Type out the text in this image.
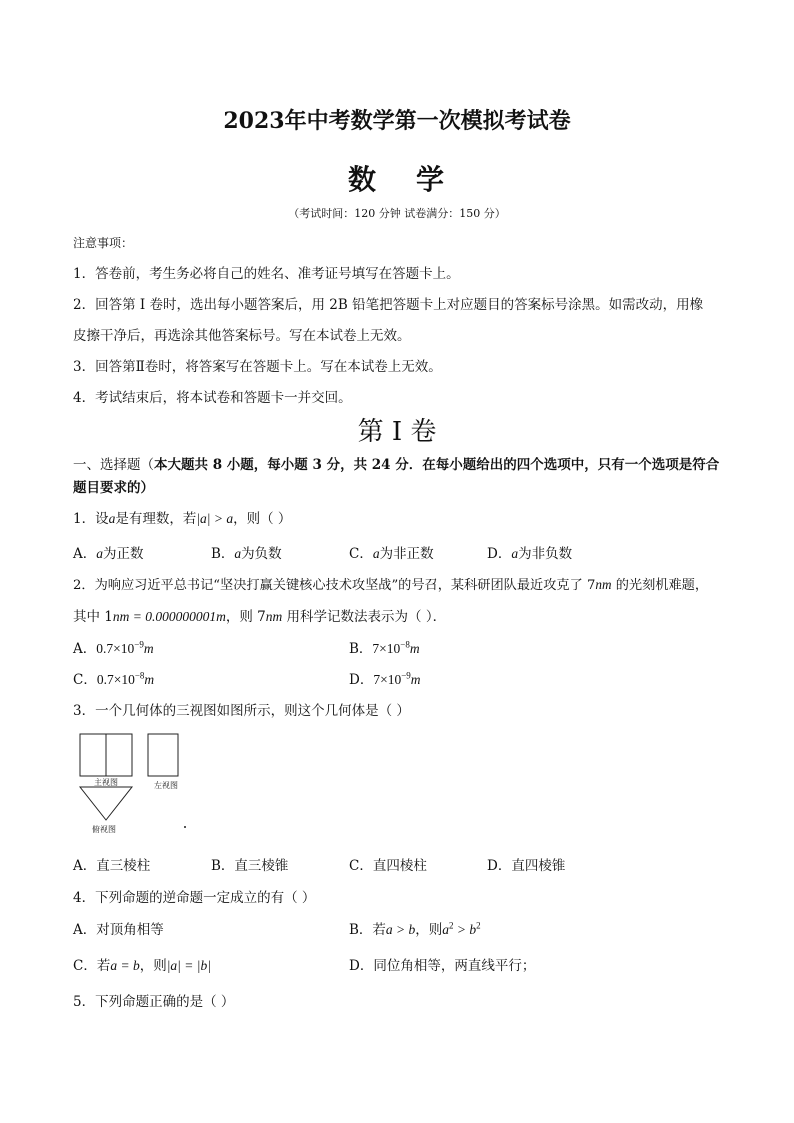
2023年中考数学第一次模拟考试卷
数 学
（考试时间：120 分钟 试卷满分：150 分）
注意事项：
1．答卷前，考生务必将自己的姓名、准考证号填写在答题卡上。
2．回答第 I 卷时，选出每小题答案后，用 2B 铅笔把答题卡上对应题目的答案标号涂黑。如需改动，用橡
皮擦干净后，再选涂其他答案标号。写在本试卷上无效。
3．回答第Ⅱ卷时，将答案写在答题卡上。写在本试卷上无效。
4．考试结束后，将本试卷和答题卡一并交回。
第 I 卷
一、选择题（本大题共 8 小题，每小题 3 分，共 24 分．在每小题给出的四个选项中，只有一个选项是符合
题目要求的）
1．设a是有理数，若|a| > a，则（ ）
A．a为正数	B．a为负数	C．a为非正数	D．a为非负数
2．为响应习近平总书记“坚决打赢关键核心技术攻坚战”的号召，某科研团队最近攻克了 7nm 的光刻机难题，
其中 1nm = 0.000000001m，则 7nm 用科学记数法表示为（ ）．
A．$0.7\times 10^{-9}m$	B．$7\times 10^{-8}m$
C．$0.7\times 10^{-8}m$	D．$7\times 10^{-9}m$
3．一个几何体的三视图如图所示，则这个几何体是（ ）
主视图	左视图
俯视图
A．直三棱柱	B．直三棱锥	C．直四棱柱	D．直四棱锥
4．下列命题的逆命题一定成立的有（ ）
A．对顶角相等	B．若a > b，则$a^2 > b^2$
C．若a = b，则|a| = |b|	D．同位角相等，两直线平行；
5．下列命题正确的是（ ）
